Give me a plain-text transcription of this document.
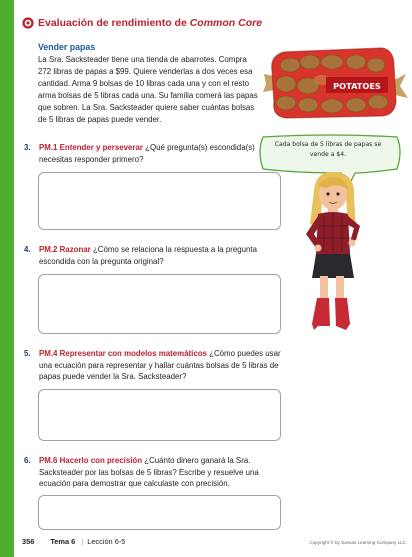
Evaluación de rendimiento de Common Core
Vender papas

La Sra. Sacksteader tiene una tienda de abarrotes. Compra 272 libras de papas a $99. Quiere venderlas a dos veces esa cantidad. Arma 9 bolsas de 10 libras cada una y con el resto arma bolsas de 5 libras cada una. Su familia comerá las papas que sobren. La Sra. Sacksteader quiere saber cuántas bolsas de 5 libras de papas puede vender.

POTATOES
Cada bolsa de 5 libras de papas se vende a $4.
3. PM.1 Entender y perseverar ¿Qué pregunta(s) escondida(s) necesitas responder primero?
4. PM.2 Razonar ¿Cómo se relaciona la respuesta a la pregunta escondida con la pregunta original?
5. PM.4 Representar con modelos matemáticos ¿Cómo puedes usar una ecuación para representar y hallar cuántas bolsas de 5 libras de papas puede vender la Sra. Sacksteader?
6. PM.6 Hacerlo con precisión ¿Cuánto dinero ganará la Sra. Sacksteader por las bolsas de 5 libras? Escribe y resuelve una ecuación para demostrar que calculaste con precisión.
356 Tema 6 | Lección 6-5	Copyright © by Savvas Learning Company LLC
